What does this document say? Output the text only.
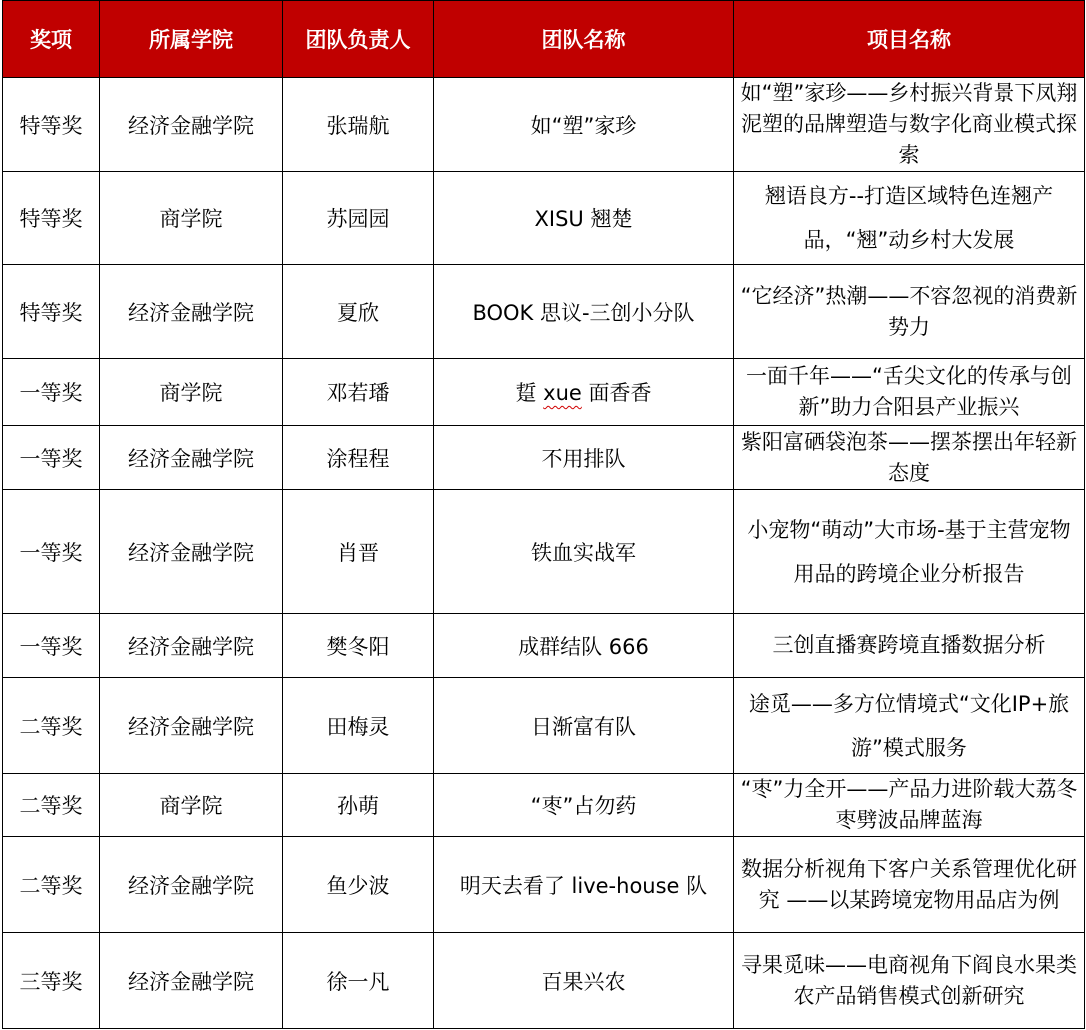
奖项	所属学院	团队负责人	团队名称	项目名称
特等奖	经济金融学院	张瑞航	如“塑”家珍	如“塑”家珍——乡村振兴背景下凤翔泥塑的品牌塑造与数字化商业模式探索
特等奖	商学院	苏园园	XISU 翘楚	翘语良方--打造区域特色连翘产品，“翘”动乡村大发展
特等奖	经济金融学院	夏欣	BOOK 思议-三创小分队	“它经济”热潮——不容忽视的消费新势力
一等奖	商学院	邓若璠	踅 xue 面香香	一面千年——“舌尖文化的传承与创新”助力合阳县产业振兴
一等奖	经济金融学院	涂程程	不用排队	紫阳富硒袋泡茶——摆茶摆出年轻新态度
一等奖	经济金融学院	肖晋	铁血实战军	小宠物“萌动”大市场-基于主营宠物用品的跨境企业分析报告
一等奖	经济金融学院	樊冬阳	成群结队 666	三创直播赛跨境直播数据分析
二等奖	经济金融学院	田梅灵	日渐富有队	途觅——多方位情境式“文化IP+旅游”模式服务
二等奖	商学院	孙萌	“枣”占勿药	“枣”力全开——产品力进阶载大荔冬枣劈波品牌蓝海
二等奖	经济金融学院	鱼少波	明天去看了 live-house 队	数据分析视角下客户关系管理优化研究 ——以某跨境宠物用品店为例
三等奖	经济金融学院	徐一凡	百果兴农	寻果觅味——电商视角下阎良水果类农产品销售模式创新研究
